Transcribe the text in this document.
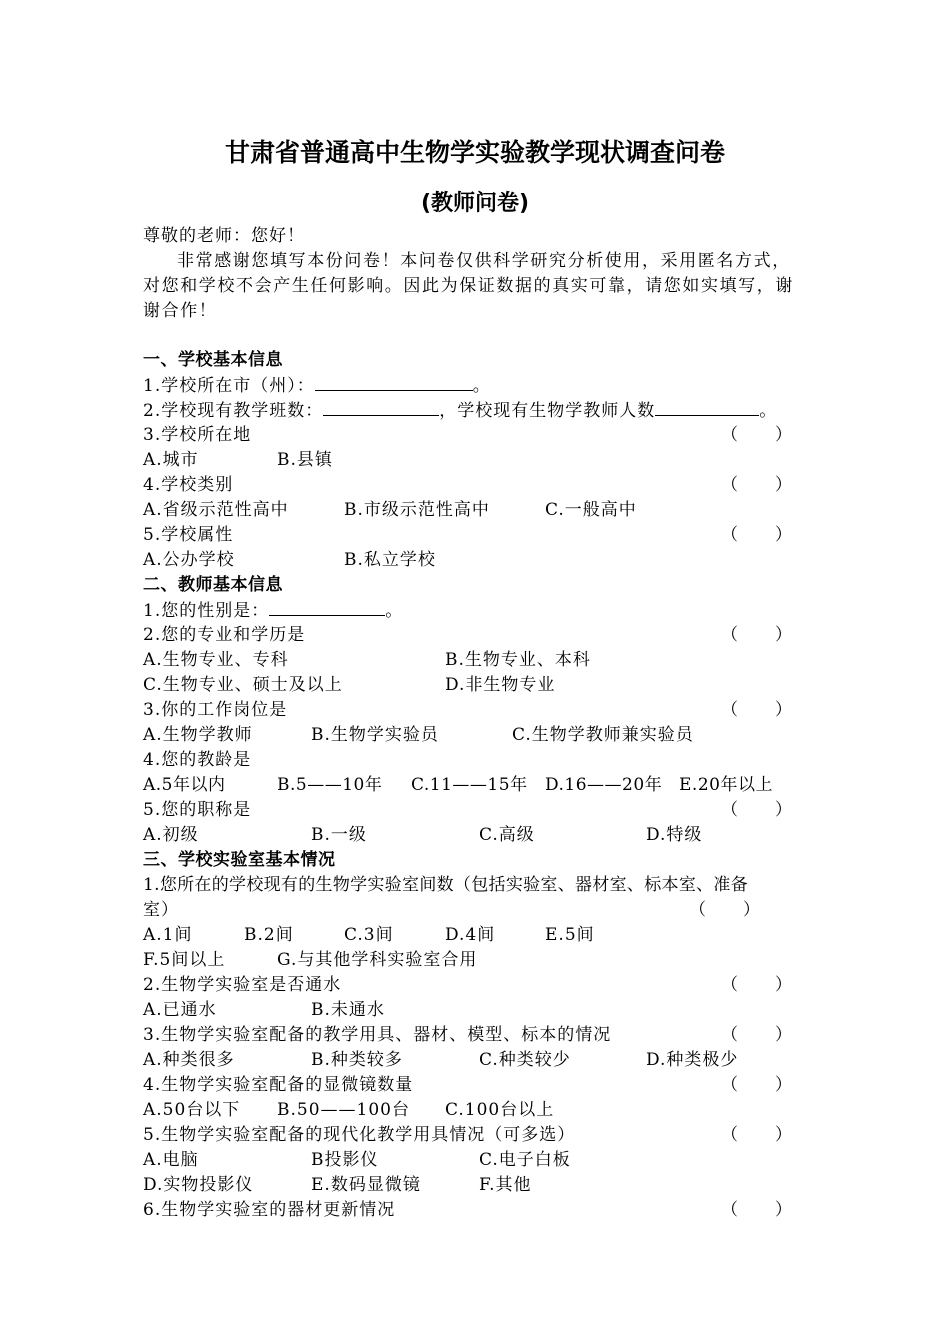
甘肃省普通高中生物学实验教学现状调查问卷
(教师问卷)
尊敬的老师：您好！
非常感谢您填写本份问卷！本问卷仅供科学研究分析使用，采用匿名方式，对您和学校不会产生任何影响。因此为保证数据的真实可靠，请您如实填写，谢谢合作！
一、学校基本信息
1.学校所在市（州）：	。
2.学校现有教学班数：	，学校现有生物学教师人数	。
3.学校所在地	（　　）
A.城市	B.县镇
4.学校类别	（　　）
A.省级示范性高中	B.市级示范性高中	C.一般高中
5.学校属性	（　　）
A.公办学校	B.私立学校
二、教师基本信息
1.您的性别是：	。
2.您的专业和学历是	（　　）
A.生物专业、专科	B.生物专业、本科
C.生物专业、硕士及以上	D.非生物专业
3.你的工作岗位是	（　　）
A.生物学教师	B.生物学实验员	C.生物学教师兼实验员
4.您的教龄是
A.5年以内	B.5——10年 C.11——15年 D.16——20年 E.20年以上
5.您的职称是	（　　）
A.初级	B.一级	C.高级	D.特级
三、学校实验室基本情况
1.您所在的学校现有的生物学实验室间数（包括实验室、器材室、标本室、准备
室）	（　　）
A.1间	B.2间	C.3间	D.4间	E.5间
F.5间以上	G.与其他学科实验室合用
2.生物学实验室是否通水	（　　）
A.已通水	B.未通水
3.生物学实验室配备的教学用具、器材、模型、标本的情况	（　　）
A.种类很多	B.种类较多	C.种类较少	D.种类极少
4.生物学实验室配备的显微镜数量	（　　）
A.50台以下 B.50——100台 C.100台以上
5.生物学实验室配备的现代化教学用具情况（可多选）	（　　）
A.电脑	B投影仪	C.电子白板
D.实物投影仪	E.数码显微镜	F.其他
6.生物学实验室的器材更新情况	（　　）
